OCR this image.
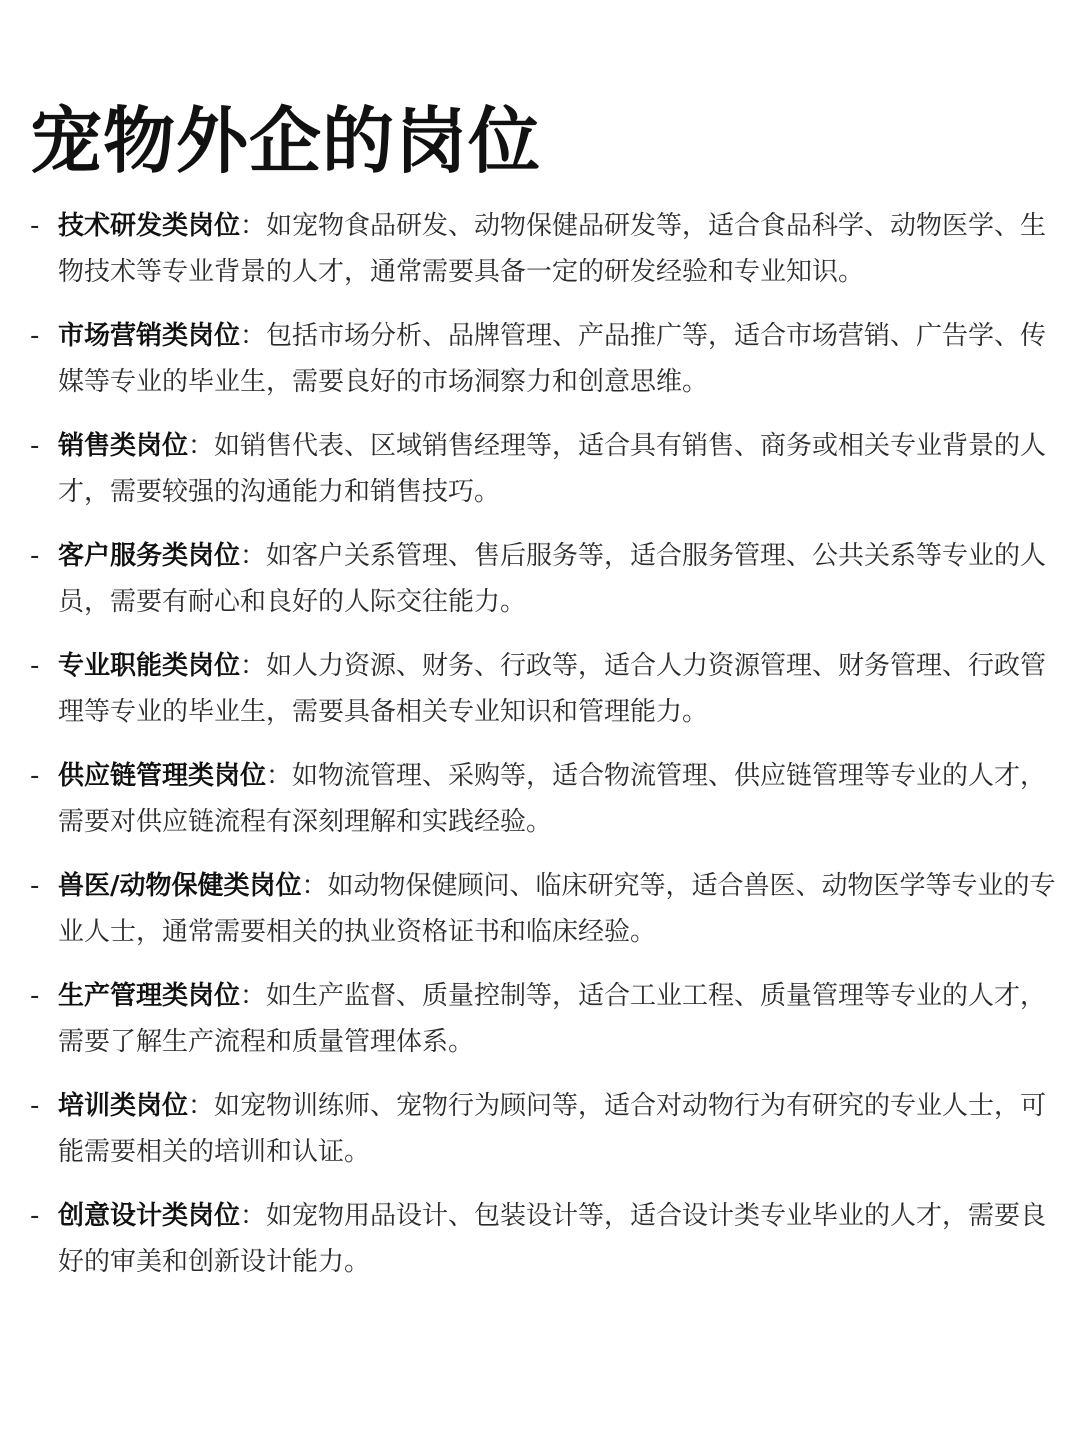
宠物外企的岗位
- 技术研发类岗位：如宠物食品研发、动物保健品研发等，适合食品科学、动物医学、生物技术等专业背景的人才，通常需要具备一定的研发经验和专业知识。
- 市场营销类岗位：包括市场分析、品牌管理、产品推广等，适合市场营销、广告学、传媒等专业的毕业生，需要良好的市场洞察力和创意思维。
- 销售类岗位：如销售代表、区域销售经理等，适合具有销售、商务或相关专业背景的人才，需要较强的沟通能力和销售技巧。
- 客户服务类岗位：如客户关系管理、售后服务等，适合服务管理、公共关系等专业的人员，需要有耐心和良好的人际交往能力。
- 专业职能类岗位：如人力资源、财务、行政等，适合人力资源管理、财务管理、行政管理等专业的毕业生，需要具备相关专业知识和管理能力。
- 供应链管理类岗位：如物流管理、采购等，适合物流管理、供应链管理等专业的人才，需要对供应链流程有深刻理解和实践经验。
- 兽医/动物保健类岗位：如动物保健顾问、临床研究等，适合兽医、动物医学等专业的专业人士，通常需要相关的执业资格证书和临床经验。
- 生产管理类岗位：如生产监督、质量控制等，适合工业工程、质量管理等专业的人才，需要了解生产流程和质量管理体系。
- 培训类岗位：如宠物训练师、宠物行为顾问等，适合对动物行为有研究的专业人士，可能需要相关的培训和认证。
- 创意设计类岗位：如宠物用品设计、包装设计等，适合设计类专业毕业的人才，需要良好的审美和创新设计能力。
